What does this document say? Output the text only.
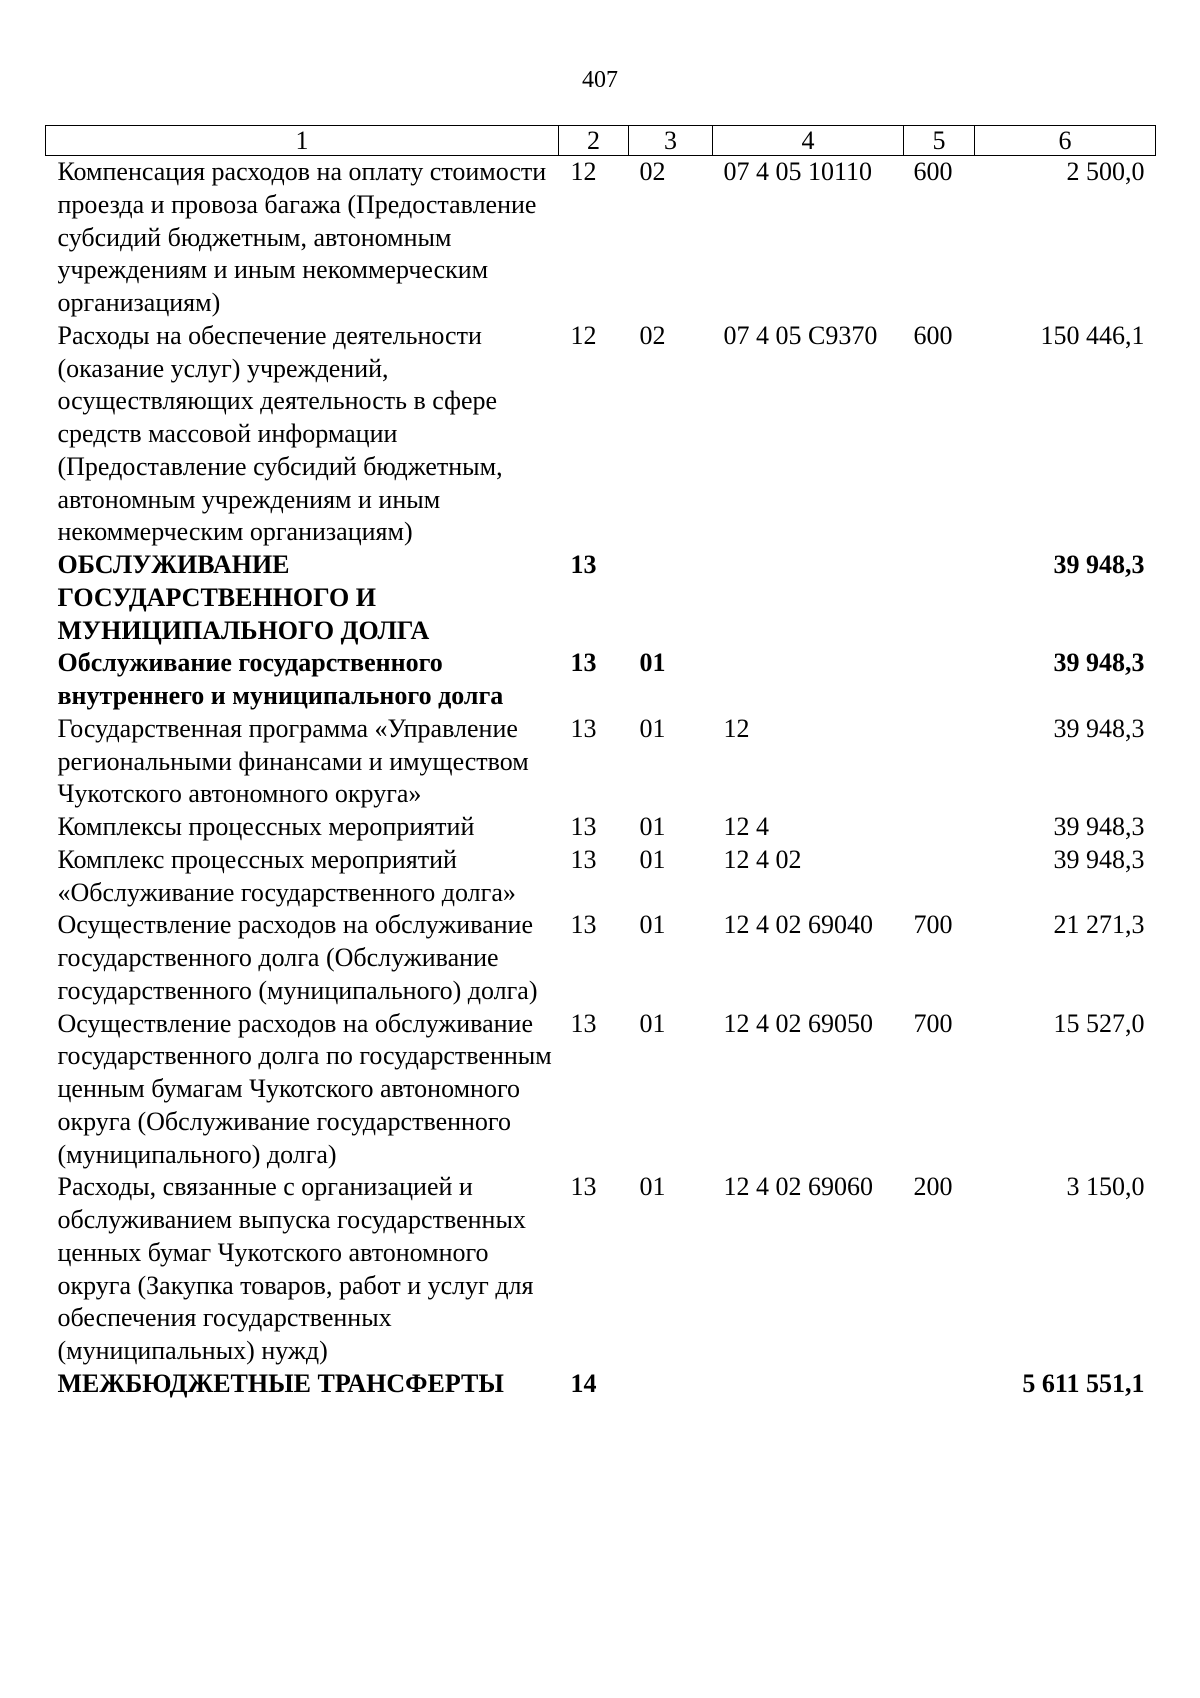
407
1	2	3	4	5	6
Компенсация расходов на оплату стоимости проезда и провоза багажа (Предоставление субсидий бюджетным, автономным учреждениям и иным некоммерческим организациям)	12	02	07 4 05 10110	600	2 500,0
Расходы на обеспечение деятельности (оказание услуг) учреждений, осуществляющих деятельность в сфере средств массовой информации (Предоставление субсидий бюджетным, автономным учреждениям и иным некоммерческим организациям)	12	02	07 4 05 С9370	600	150 446,1
ОБСЛУЖИВАНИЕ ГОСУДАРСТВЕННОГО И МУНИЦИПАЛЬНОГО ДОЛГА	13				39 948,3
Обслуживание государственного внутреннего и муниципального долга	13	01			39 948,3
Государственная программа «Управление региональными финансами и имуществом Чукотского автономного округа»	13	01	12		39 948,3
Комплексы процессных мероприятий	13	01	12 4		39 948,3
Комплекс процессных мероприятий «Обслуживание государственного долга»	13	01	12 4 02		39 948,3
Осуществление расходов на обслуживание государственного долга (Обслуживание государственного (муниципального) долга)	13	01	12 4 02 69040	700	21 271,3
Осуществление расходов на обслуживание государственного долга по государственным ценным бумагам Чукотского автономного округа (Обслуживание государственного (муниципального) долга)	13	01	12 4 02 69050	700	15 527,0
Расходы, связанные с организацией и обслуживанием выпуска государственных ценных бумаг Чукотского автономного округа (Закупка товаров, работ и услуг для обеспечения государственных (муниципальных) нужд)	13	01	12 4 02 69060	200	3 150,0
МЕЖБЮДЖЕТНЫЕ ТРАНСФЕРТЫ	14				5 611 551,1
